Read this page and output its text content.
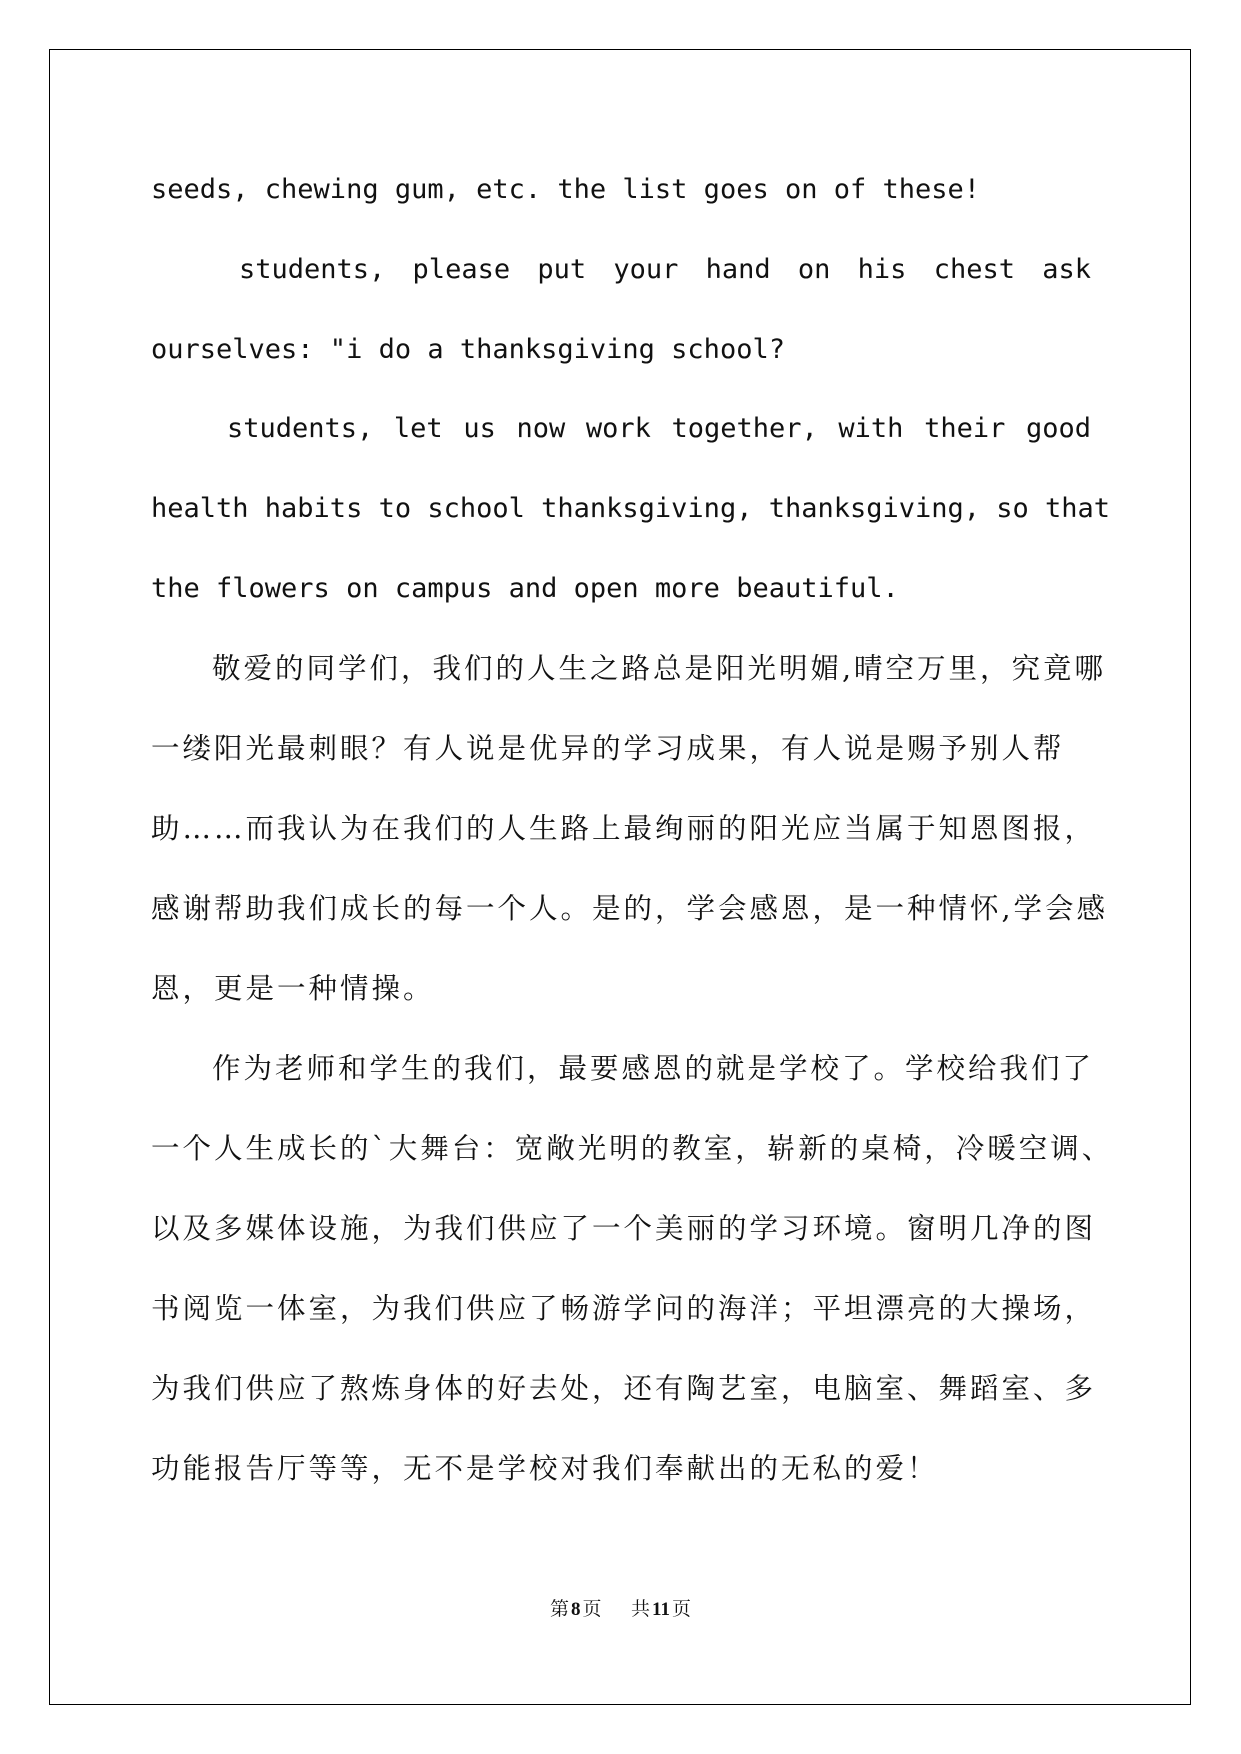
seeds, chewing gum, etc. the list goes on of these!
students, please put your hand on his chest ask
ourselves: "i do a thanksgiving school?
students, let us now work together, with their good
health habits to school thanksgiving, thanksgiving, so that
the flowers on campus and open more beautiful.
敬爱的同学们，我们的人生之路总是阳光明媚,晴空万里，究竟哪
一缕阳光最刺眼？有人说是优异的学习成果，有人说是赐予别人帮
助……而我认为在我们的人生路上最绚丽的阳光应当属于知恩图报，
感谢帮助我们成长的每一个人。是的，学会感恩，是一种情怀,学会感
恩，更是一种情操。
作为老师和学生的我们，最要感恩的就是学校了。学校给我们了
一个人生成长的`大舞台：宽敞光明的教室，崭新的桌椅，冷暖空调、
以及多媒体设施，为我们供应了一个美丽的学习环境。窗明几净的图
书阅览一体室，为我们供应了畅游学问的海洋；平坦漂亮的大操场，
为我们供应了熬炼身体的好去处，还有陶艺室，电脑室、舞蹈室、多
功能报告厅等等，无不是学校对我们奉献出的无私的爱！
第 8 页 共 11 页
